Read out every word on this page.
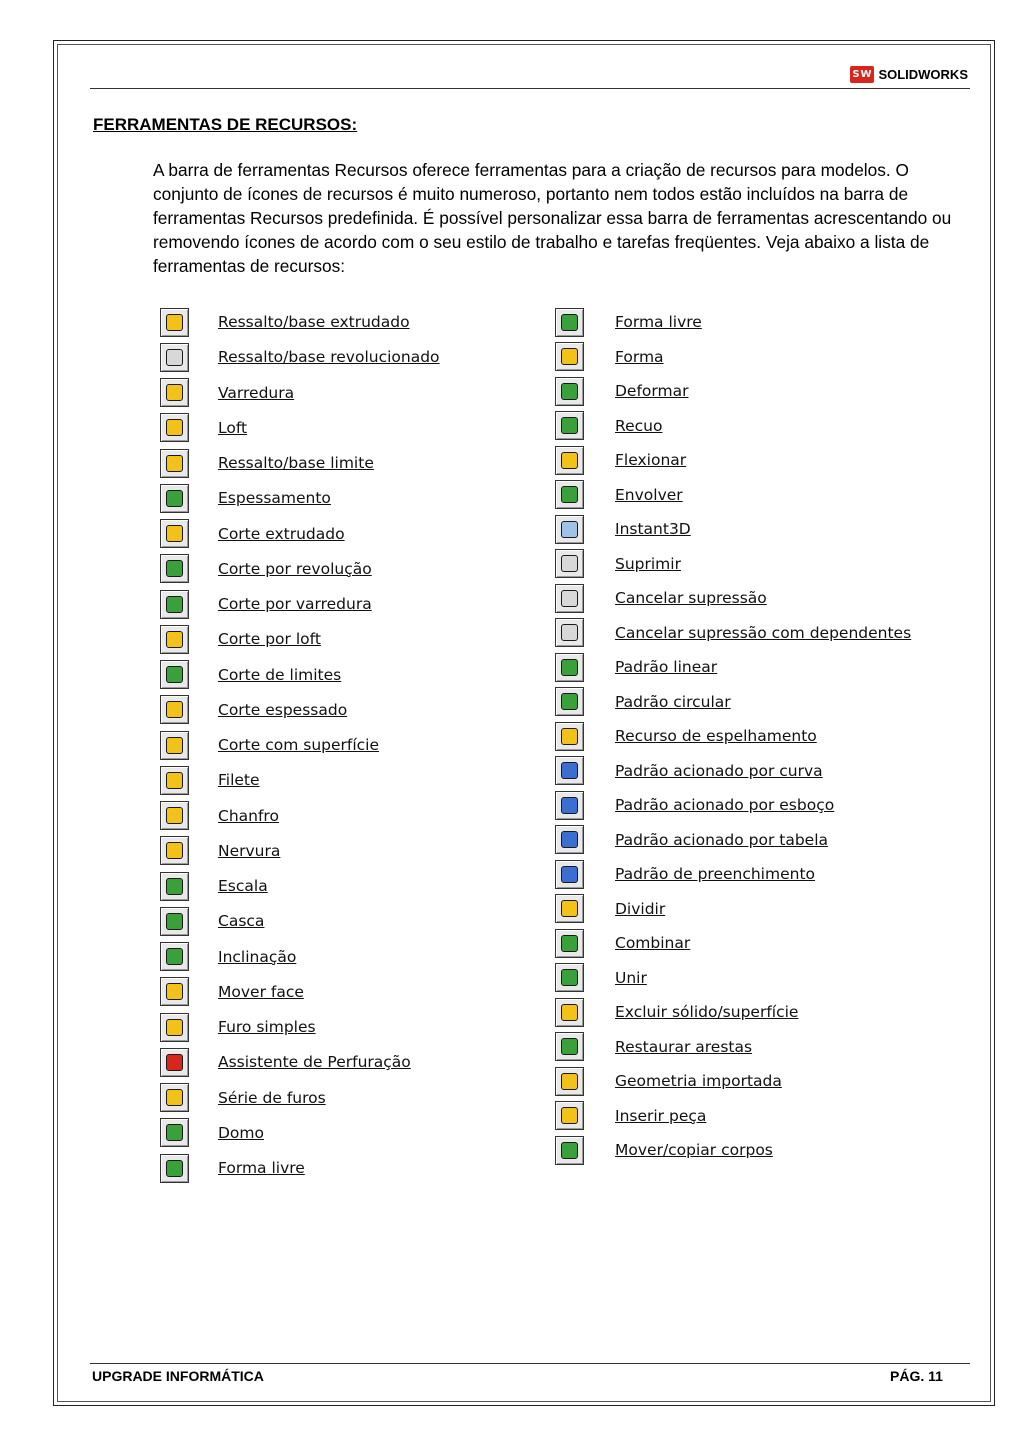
SW SOLIDWORKS
FERRAMENTAS DE RECURSOS:
A barra de ferramentas Recursos oferece ferramentas para a criação de recursos para modelos. O conjunto de ícones de recursos é muito numeroso, portanto nem todos estão incluídos na barra de ferramentas Recursos predefinida. É possível personalizar essa barra de ferramentas acrescentando ou removendo ícones de acordo com o seu estilo de trabalho e tarefas freqüentes. Veja abaixo a lista de ferramentas de recursos:
Ressalto/base extrudado
Ressalto/base revolucionado
Varredura
Loft
Ressalto/base limite
Espessamento
Corte extrudado
Corte por revolução
Corte por varredura
Corte por loft
Corte de limites
Corte espessado
Corte com superfície
Filete
Chanfro
Nervura
Escala
Casca
Inclinação
Mover face
Furo simples
Assistente de Perfuração
Série de furos
Domo
Forma livre
Forma livre
Forma
Deformar
Recuo
Flexionar
Envolver
Instant3D
Suprimir
Cancelar supressão
Cancelar supressão com dependentes
Padrão linear
Padrão circular
Recurso de espelhamento
Padrão acionado por curva
Padrão acionado por esboço
Padrão acionado por tabela
Padrão de preenchimento
Dividir
Combinar
Unir
Excluir sólido/superfície
Restaurar arestas
Geometria importada
Inserir peça
Mover/copiar corpos
UPGRADE INFORMÁTICA	PÁG. 11
